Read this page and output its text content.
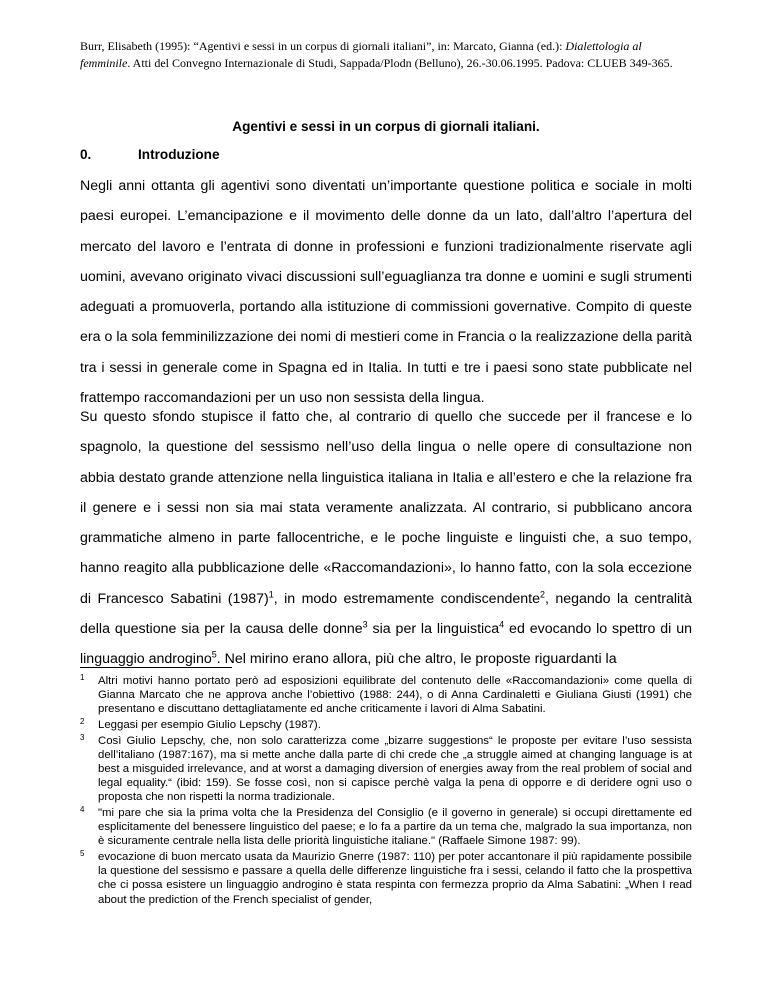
Burr, Elisabeth (1995): “Agentivi e sessi in un corpus di giornali italiani”, in: Marcato, Gianna (ed.): Dialettologia al femminile. Atti del Convegno Internazionale di Studi, Sappada/Plodn (Belluno), 26.-30.06.1995. Padova: CLUEB 349-365.
Agentivi e sessi in un corpus di giornali italiani.
0.	Introduzione

Negli anni ottanta gli agentivi sono diventati un’importante questione politica e sociale in molti paesi europei. L’emancipazione e il movimento delle donne da un lato, dall’altro l’apertura del mercato del lavoro e l’entrata di donne in professioni e funzioni tradizionalmente riservate agli uomini, avevano originato vivaci discussioni sull’eguaglianza tra donne e uomini e sugli strumenti adeguati a promuoverla, portando alla istituzione di commissioni governative. Compito di queste era o la sola femminilizzazione dei nomi di mestieri come in Francia o la realizzazione della parità tra i sessi in generale come in Spagna ed in Italia. In tutti e tre i paesi sono state pubblicate nel frattempo raccomandazioni per un uso non sessista della lingua.

Su questo sfondo stupisce il fatto che, al contrario di quello che succede per il francese e lo spagnolo, la questione del sessismo nell’uso della lingua o nelle opere di consultazione non abbia destato grande attenzione nella linguistica italiana in Italia e all’estero e che la relazione fra il genere e i sessi non sia mai stata veramente analizzata. Al contrario, si pubblicano ancora grammatiche almeno in parte fallocentriche, e le poche linguiste e linguisti che, a suo tempo, hanno reagito alla pubblicazione delle «Raccomandazioni», lo hanno fatto, con la sola eccezione di Francesco Sabatini $(1987)^1$, in modo estremamente condiscendente$^2$, negando la centralità della questione sia per la causa delle donne$^3$ sia per la linguistica$^4$ ed evocando lo spettro di un linguaggio androgino$^5$. Nel mirino erano allora, più che altro, le proposte riguardanti la

1 Altri motivi hanno portato però ad esposizioni equilibrate del contenuto delle «Raccomandazioni» come quella di Gianna Marcato che ne approva anche l’obiettivo (1988: 244), o di Anna Cardinaletti e Giuliana Giusti (1991) che presentano e discuttano dettagliatamente ed anche criticamente i lavori di Alma Sabatini.

2 Leggasi per esempio Giulio Lepschy (1987).

3 Così Giulio Lepschy, che, non solo caratterizza come „bizarre suggestions“ le proposte per evitare l’uso sessista dell’italiano (1987:167), ma si mette anche dalla parte di chi crede che „a struggle aimed at changing language is at best a misguided irrelevance, and at worst a damaging diversion of energies away from the real problem of social and legal equality.“ (ibid: 159). Se fosse così, non si capisce perchè valga la pena di opporre e di deridere ogni uso o proposta che non rispetti la norma tradizionale.

4 "mi pare che sia la prima volta che la Presidenza del Consiglio (e il governo in generale) si occupi direttamente ed esplicitamente del benessere linguistico del paese; e lo fa a partire da un tema che, malgrado la sua importanza, non è sicuramente centrale nella lista delle priorità linguistiche italiane." (Raffaele Simone 1987: 99).

5 evocazione di buon mercato usata da Maurizio Gnerre (1987: 110) per poter accantonare il più rapidamente possibile la questione del sessismo e passare a quella delle differenze linguistiche fra i sessi, celando il fatto che la prospettiva che ci possa esistere un linguaggio androgino è stata respinta con fermezza proprio da Alma Sabatini: „When I read about the prediction of the French specialist of gender,
